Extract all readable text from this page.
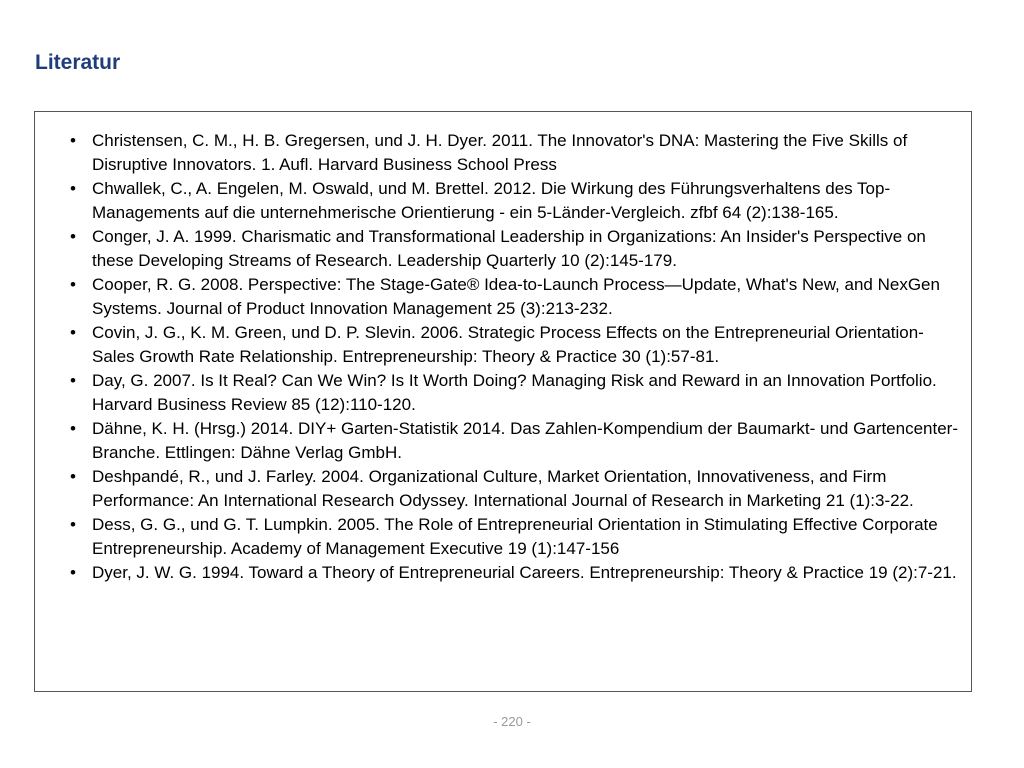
Literatur
• Christensen, C. M., H. B. Gregersen, und J. H. Dyer. 2011. The Innovator's DNA: Mastering the Five Skills of Disruptive Innovators. 1. Aufl. Harvard Business School Press
• Chwallek, C., A. Engelen, M. Oswald, und M. Brettel. 2012. Die Wirkung des Führungsverhaltens des Top-Managements auf die unternehmerische Orientierung - ein 5-Länder-Vergleich. zfbf 64 (2):138-165.
• Conger, J. A. 1999. Charismatic and Transformational Leadership in Organizations: An Insider's Perspective on these Developing Streams of Research. Leadership Quarterly 10 (2):145-179.
• Cooper, R. G. 2008. Perspective: The Stage-Gate® Idea-to-Launch Process—Update, What's New, and NexGen Systems. Journal of Product Innovation Management 25 (3):213-232.
• Covin, J. G., K. M. Green, und D. P. Slevin. 2006. Strategic Process Effects on the Entrepreneurial Orientation-Sales Growth Rate Relationship. Entrepreneurship: Theory & Practice 30 (1):57-81.
• Day, G. 2007. Is It Real? Can We Win? Is It Worth Doing? Managing Risk and Reward in an Innovation Portfolio. Harvard Business Review 85 (12):110-120.
• Dähne, K. H. (Hrsg.) 2014. DIY+ Garten-Statistik 2014. Das Zahlen-Kompendium der Baumarkt- und Gartencenter-Branche. Ettlingen: Dähne Verlag GmbH.
• Deshpandé, R., und J. Farley. 2004. Organizational Culture, Market Orientation, Innovativeness, and Firm Performance: An International Research Odyssey. International Journal of Research in Marketing 21 (1):3-22.
• Dess, G. G., und G. T. Lumpkin. 2005. The Role of Entrepreneurial Orientation in Stimulating Effective Corporate Entrepreneurship. Academy of Management Executive 19 (1):147-156
• Dyer, J. W. G. 1994. Toward a Theory of Entrepreneurial Careers. Entrepreneurship: Theory & Practice 19 (2):7-21.
- 220 -
